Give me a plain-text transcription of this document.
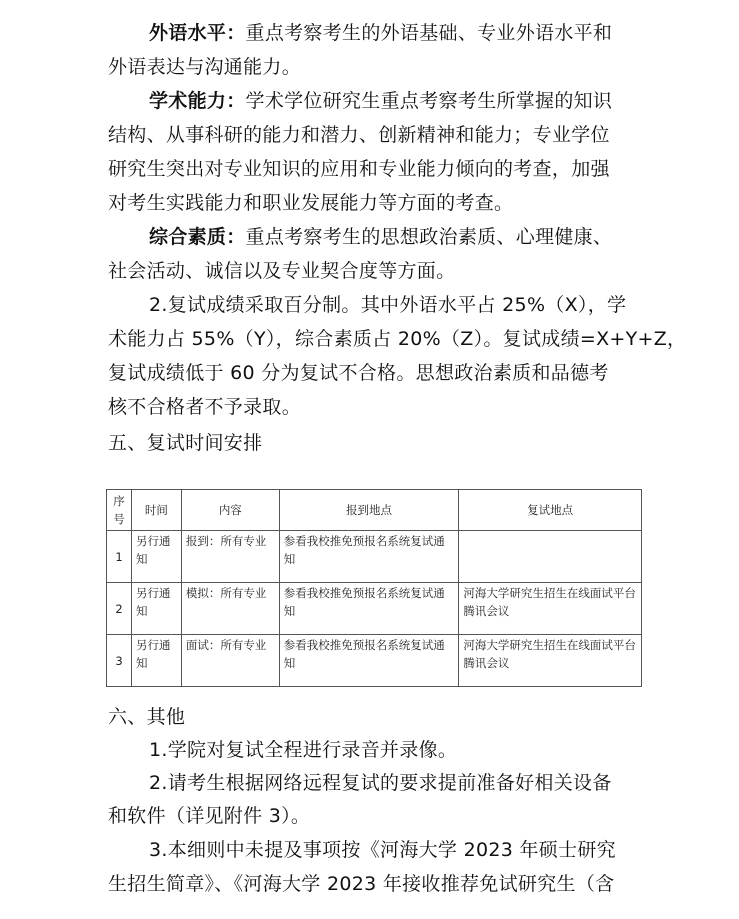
外语水平：重点考察考生的外语基础、专业外语水平和
外语表达与沟通能力。
学术能力：学术学位研究生重点考察考生所掌握的知识
结构、从事科研的能力和潜力、创新精神和能力；专业学位
研究生突出对专业知识的应用和专业能力倾向的考查，加强
对考生实践能力和职业发展能力等方面的考查。
综合素质：重点考察考生的思想政治素质、心理健康、
社会活动、诚信以及专业契合度等方面。
2.复试成绩采取百分制。其中外语水平占 25%（X），学
术能力占 55%（Y），综合素质占 20%（Z）。复试成绩=X+Y+Z，
复试成绩低于 60 分为复试不合格。思想政治素质和品德考
核不合格者不予录取。
五、复试时间安排
序号	时间	内容	报到地点	复试地点
1	另行通知	报到：所有专业	参看我校推免预报名系统复试通知	
2	另行通知	模拟：所有专业	参看我校推免预报名系统复试通知	河海大学研究生招生在线面试平台
腾讯会议

3	另行通知	面试：所有专业	参看我校推免预报名系统复试通知	河海大学研究生招生在线面试平台
腾讯会议
六、其他
1.学院对复试全程进行录音并录像。
2.请考生根据网络远程复试的要求提前准备好相关设备
和软件（详见附件 3）。
3.本细则中未提及事项按《河海大学 2023 年硕士研究
生招生简章》、《河海大学 2023 年接收推荐免试研究生（含
